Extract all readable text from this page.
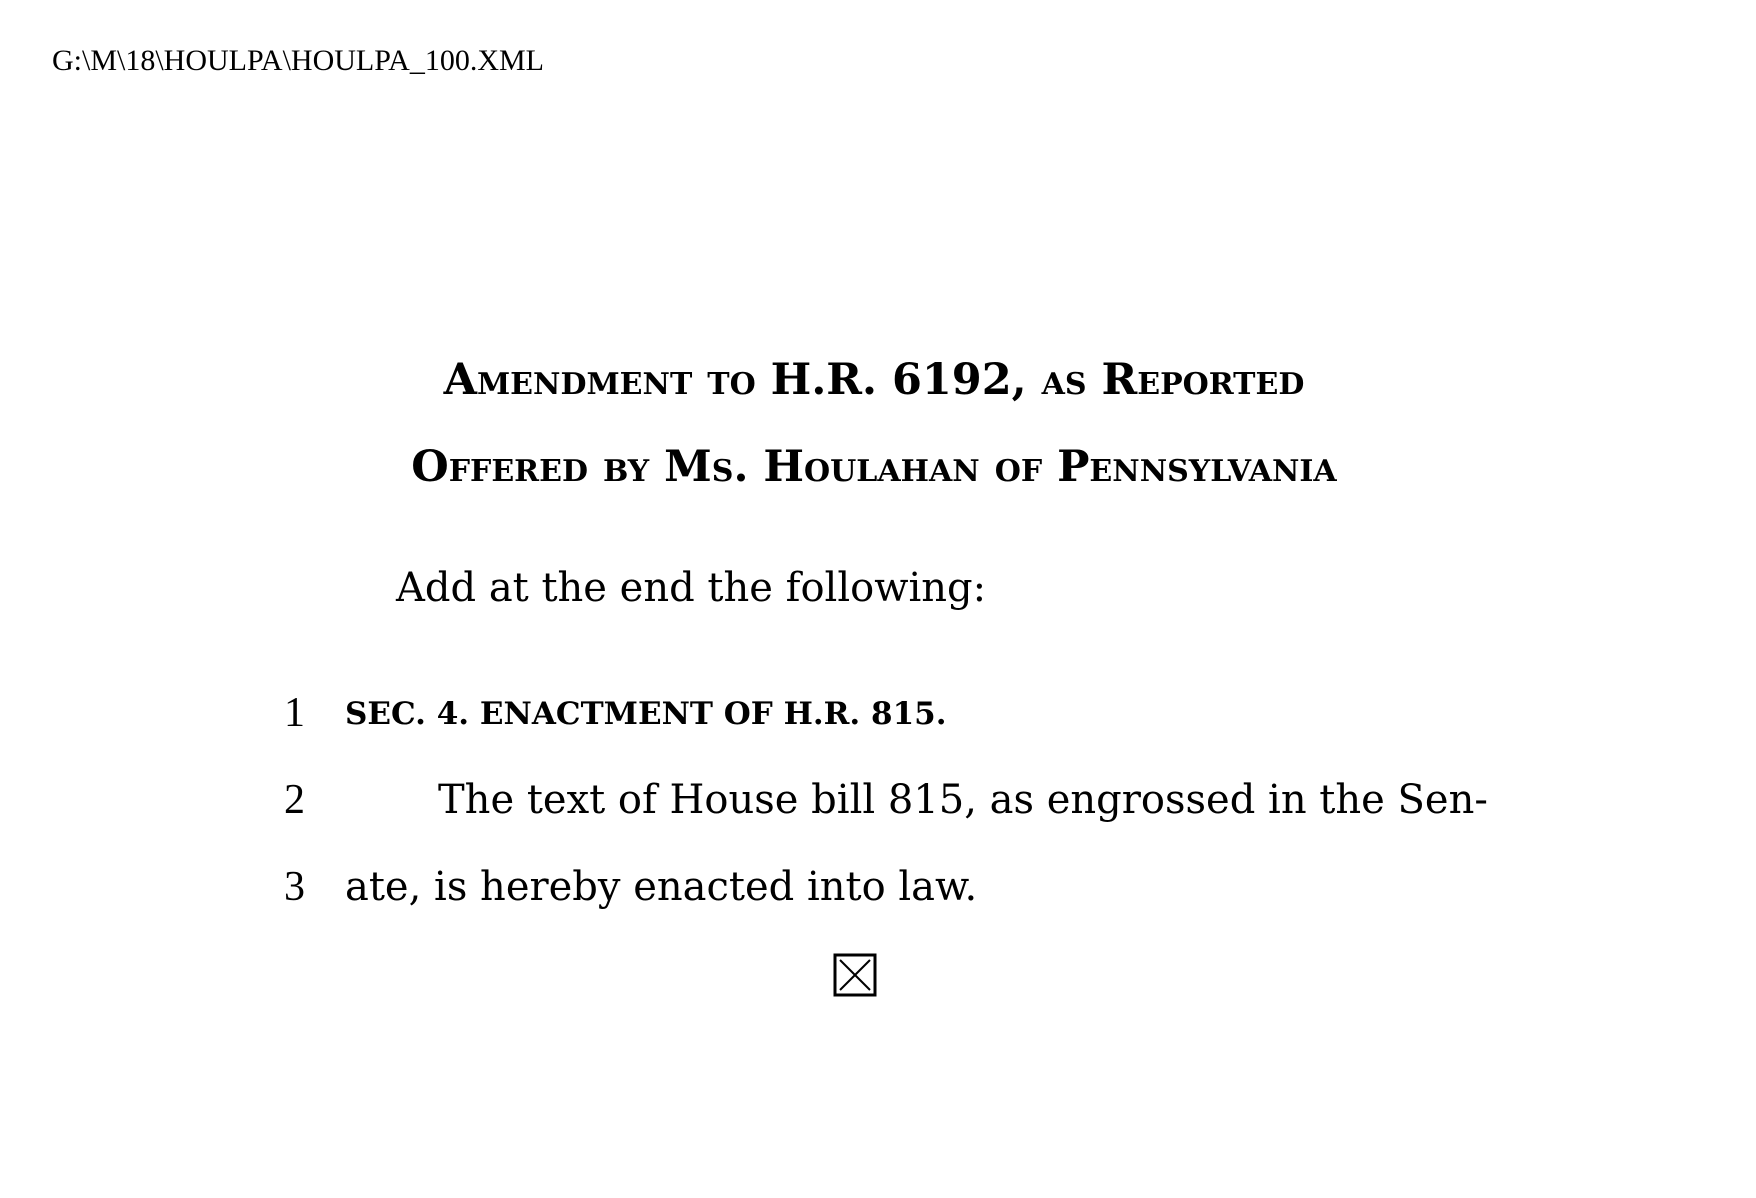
G:\M\18\HOULPA\HOULPA_100.XML
Amendment to H.R. 6192, as Reported
Offered by Ms. Houlahan of Pennsylvania
Add at the end the following:
1
2
3
SEC. 4. ENACTMENT OF H.R. 815.
The text of House bill 815, as engrossed in the Sen-
ate, is hereby enacted into law.
